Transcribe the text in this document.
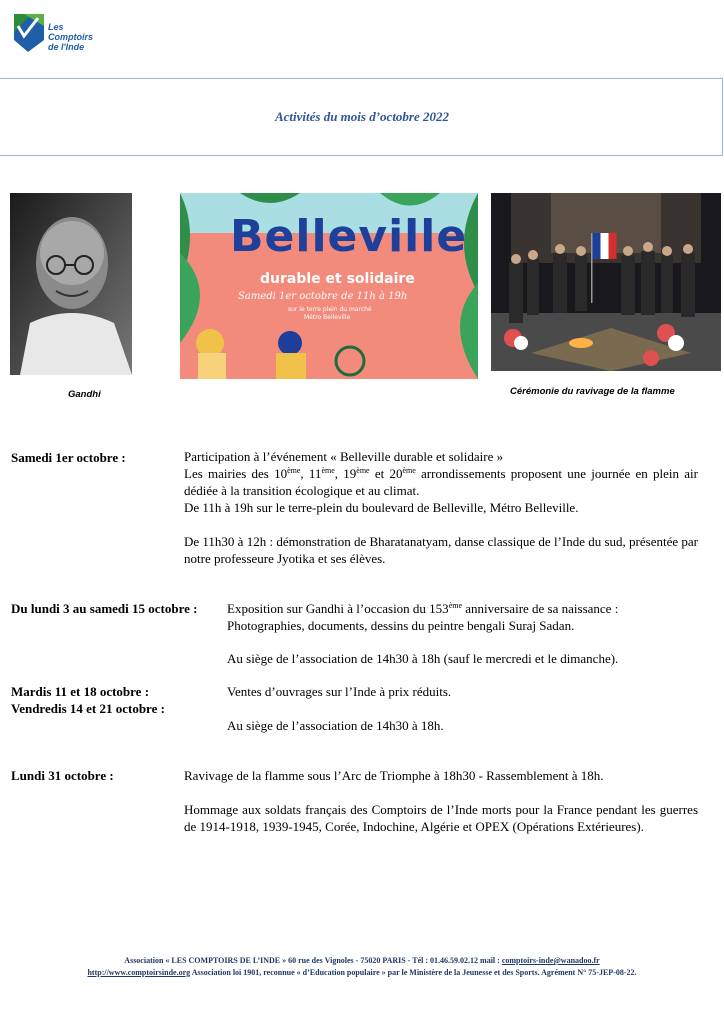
Les Comptoirs
de l'Inde
Activités du mois d’octobre 2022
Belleville
durable et solidaire
Samedi 1er octobre de 11h à 19h
sur le terre plein du marché
Métro Belleville
Gandhi	Cérémonie du ravivage de la flamme
Samedi 1er octobre :	Participation à l’événement « Belleville durable et solidaire »
Les mairies des 10ème, 11ème, 19ème et 20ème arrondissements proposent une journée en plein air dédiée à la transition écologique et au climat.
De 11h à 19h sur le terre-plein du boulevard de Belleville, Métro Belleville.
De 11h30 à 12h : démonstration de Bharatanatyam, danse classique de l’Inde du sud, présentée par notre professeure Jyotika et ses élèves.
Du lundi 3 au samedi 15 octobre : Exposition sur Gandhi à l’occasion du 153ème anniversaire de sa naissance :
Photographies, documents, dessins du peintre bengali Suraj Sadan.
Au siège de l’association de 14h30 à 18h (sauf le mercredi et le dimanche).
Mardis 11 et 18 octobre :
Vendredis 14 et 21 octobre :
Ventes d’ouvrages sur l’Inde à prix réduits.
Au siège de l’association de 14h30 à 18h.
Lundi 31 octobre :	Ravivage de la flamme sous l’Arc de Triomphe à 18h30 - Rassemblement à 18h.
Hommage aux soldats français des Comptoirs de l’Inde morts pour la France pendant les guerres de 1914-1918, 1939-1945, Corée, Indochine, Algérie et OPEX (Opérations Extérieures).
Association « LES COMPTOIRS DE L’INDE » 60 rue des Vignoles - 75020 PARIS - Tél : 01.46.59.02.12 mail : comptoirs-inde@wanadoo.fr
http://www.comptoirsinde.org Association loi 1901, reconnue « d’Education populaire » par le Ministère de la Jeunesse et des Sports. Agrément N° 75-JEP-08-22.
